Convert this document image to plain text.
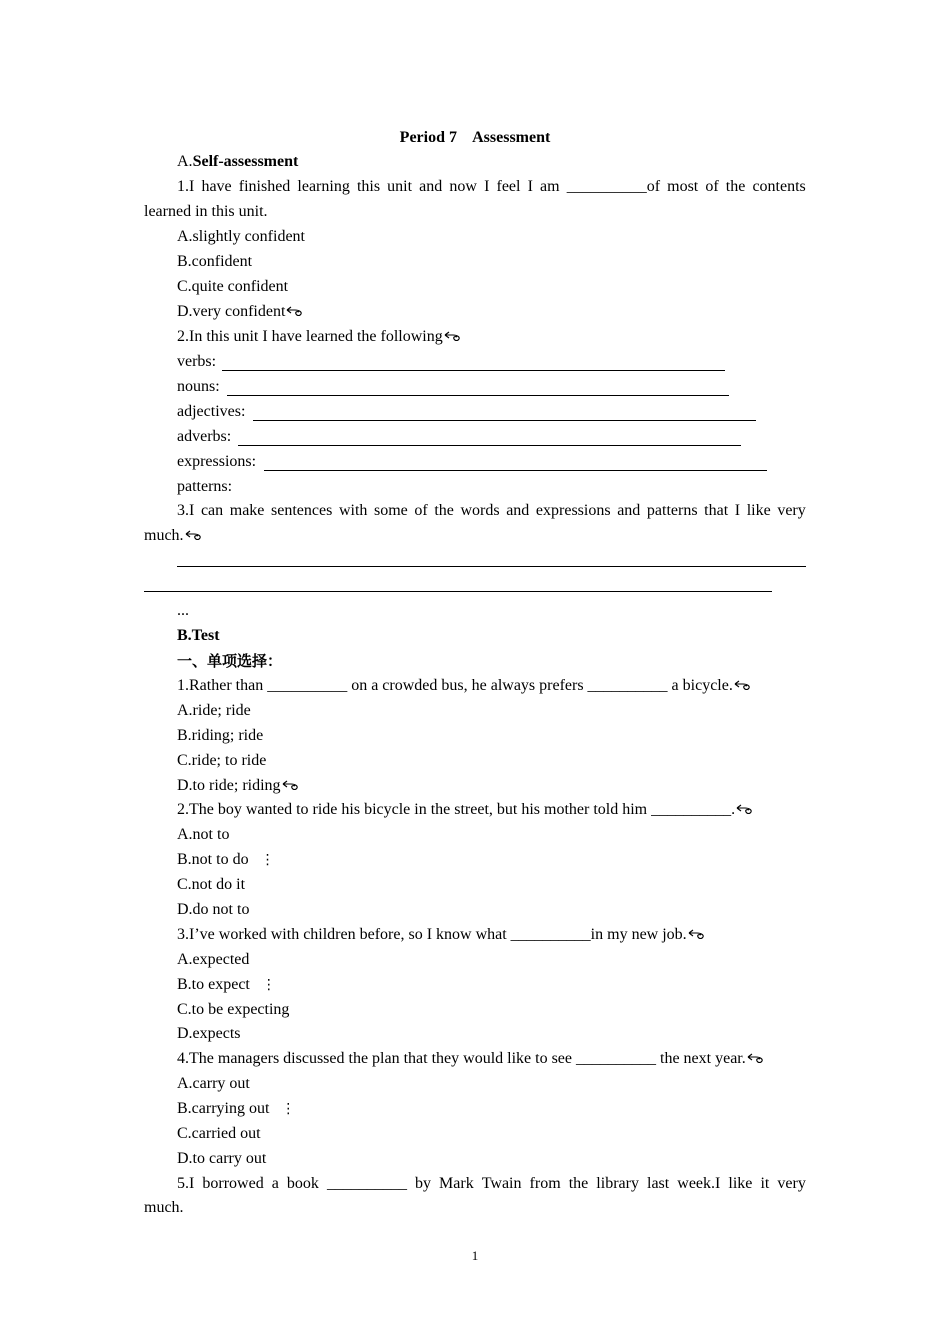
Period 7    Assessment
A.Self-assessment
1.I have finished learning this unit and now I feel I am __________of most of the contents
learned in this unit.
A.slightly confident
B.confident
C.quite confident
D.very confident
2.In this unit I have learned the following
verbs:
nouns:
adjectives:
adverbs:
expressions:
patterns:
3.I can make sentences with some of the words and expressions and patterns that I like very
much.
...
B.Test
一、单项选择：
1.Rather than __________ on a crowded bus, he always prefers __________ a bicycle.
A.ride; ride
B.riding; ride
C.ride; to ride
D.to ride; riding
2.The boy wanted to ride his bicycle in the street, but his mother told him __________.
A.not to
B.not to do ⋮
C.not do it
D.do not to
3.I’ve worked with children before, so I know what __________in my new job.
A.expected
B.to expect ⋮
C.to be expecting
D.expects
4.The managers discussed the plan that they would like to see __________ the next year.
A.carry out
B.carrying out ⋮
C.carried out
D.to carry out
5.I borrowed a book __________ by Mark Twain from the library last week.I like it very
much.
1
